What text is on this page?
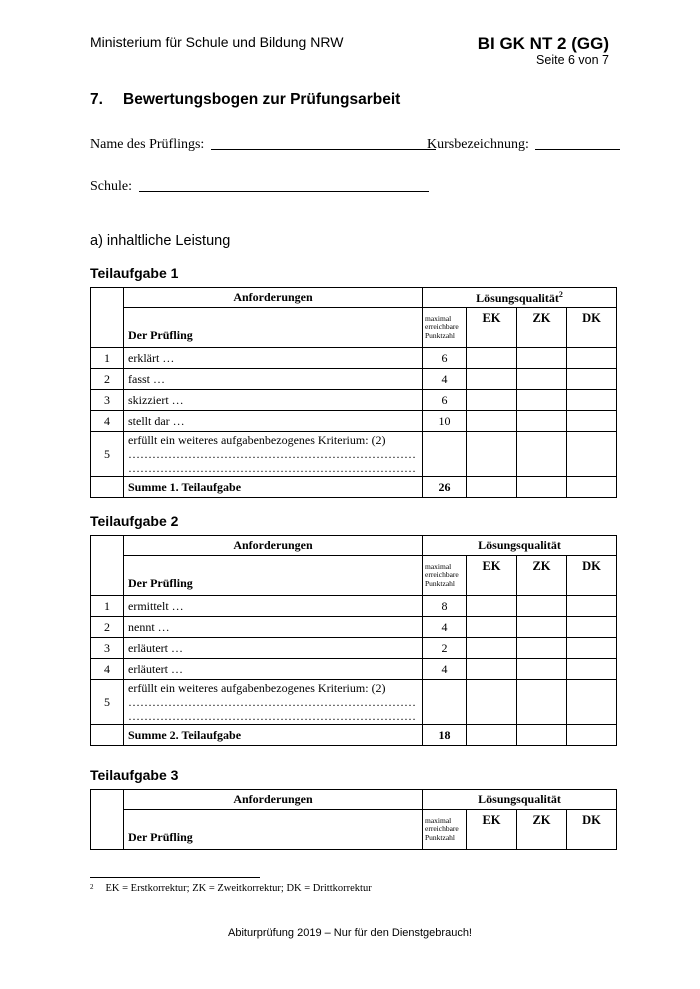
Ministerium für Schule und Bildung NRW	BI GK NT 2 (GG)
Seite 6 von 7
7. Bewertungsbogen zur Prüfungsarbeit
Name des Prüflings:	Kursbezeichnung:
Schule:
a) inhaltliche Leistung
Teilaufgabe 1
	Anforderungen	Lösungsqualität$^2$
	Der Prüfling	maximal erreichbare Punktzahl	EK	ZK	DK
1	erklärt …	6			
2	fasst …	4			
3	skizziert …	6			
4	stellt dar …	10			
5	erfüllt ein weiteres aufgabenbezogenes Kriterium: (2)
………………………………………………………………
………………………………………………………………				

	Summe 1. Teilaufgabe	26			
Teilaufgabe 2
	Anforderungen	Lösungsqualität			
	Der Prüfling	maximal erreichbare Punktzahl	EK	ZK	DK
1	ermittelt …	8			
2	nennt …	4			
3	erläutert …	2			
4	erläutert …	4			
5	erfüllt ein weiteres aufgabenbezogenes Kriterium: (2)
………………………………………………………………
………………………………………………………………				

	Summe 2. Teilaufgabe	18			
Teilaufgabe 3
	Anforderungen	Lösungsqualität			
	Der Prüfling	maximal erreichbare Punktzahl	EK	ZK	DK
$^2$ EK = Erstkorrektur; ZK = Zweitkorrektur; DK = Drittkorrektur
Abiturprüfung 2019 – Nur für den Dienstgebrauch!
